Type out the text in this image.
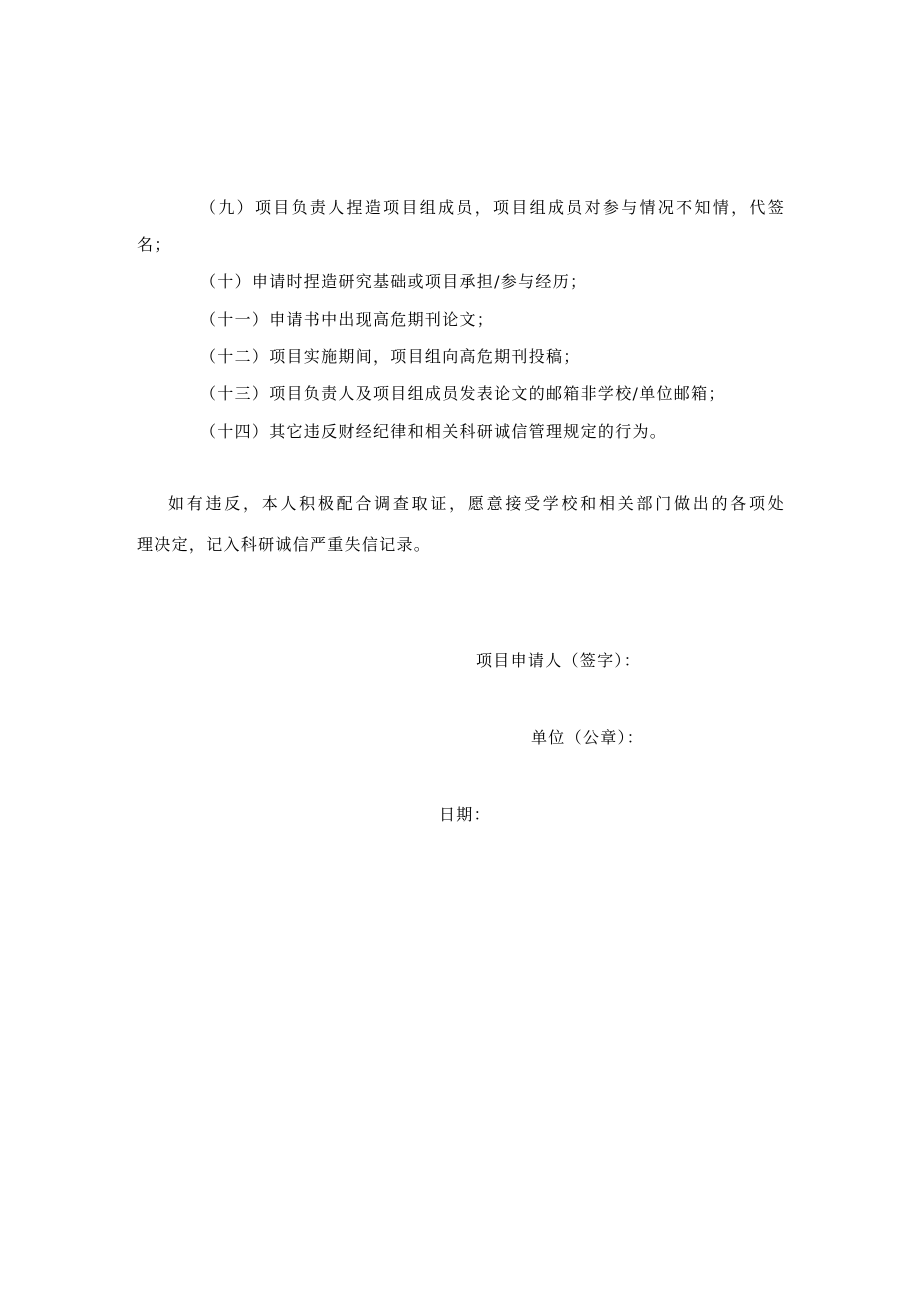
（九）项目负责人捏造项目组成员，项目组成员对参与情况不知情，代签
名；
（十）申请时捏造研究基础或项目承担/参与经历；
（十一）申请书中出现高危期刊论文；
（十二）项目实施期间，项目组向高危期刊投稿；
（十三）项目负责人及项目组成员发表论文的邮箱非学校/单位邮箱；
（十四）其它违反财经纪律和相关科研诚信管理规定的行为。
如有违反，本人积极配合调查取证，愿意接受学校和相关部门做出的各项处
理决定，记入科研诚信严重失信记录。
项目申请人（签字）：
单位（公章）：
日期：
